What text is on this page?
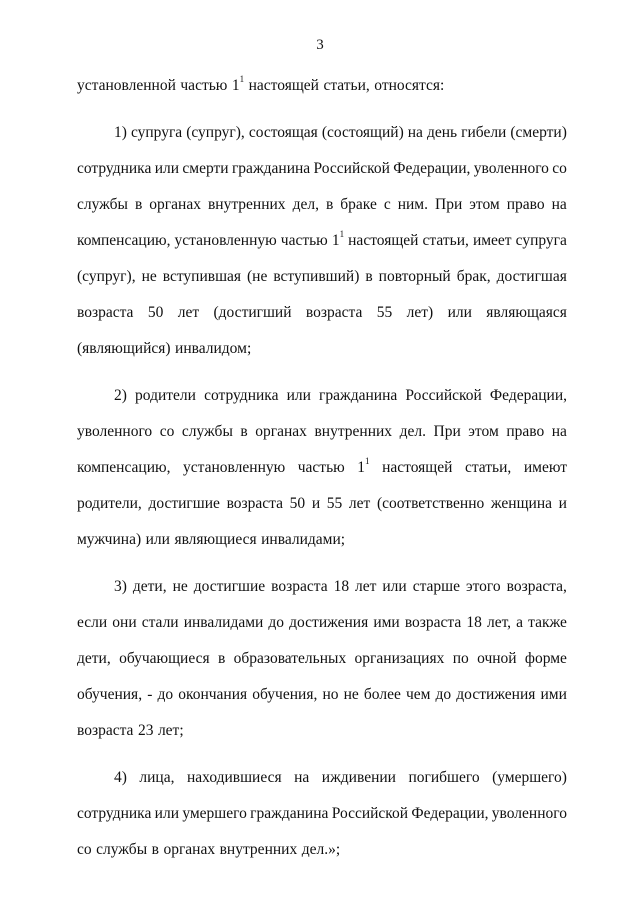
3
установленной частью $1^1$ настоящей статьи, относятся:
1) супруга (супруг), состоящая (состоящий) на день гибели (смерти)
сотрудника или смерти гражданина Российской Федерации, уволенного со
службы в органах внутренних дел, в браке с ним. При этом право на
компенсацию, установленную частью $1^1$ настоящей статьи, имеет супруга
(супруг), не вступившая (не вступивший) в повторный брак, достигшая
возраста 50 лет (достигший возраста 55 лет) или являющаяся
(являющийся) инвалидом;
2) родители сотрудника или гражданина Российской Федерации,
уволенного со службы в органах внутренних дел. При этом право на
компенсацию, установленную частью $1^1$ настоящей статьи, имеют
родители, достигшие возраста 50 и 55 лет (соответственно женщина и
мужчина) или являющиеся инвалидами;
3) дети, не достигшие возраста 18 лет или старше этого возраста,
если они стали инвалидами до достижения ими возраста 18 лет, а также
дети, обучающиеся в образовательных организациях по очной форме
обучения, - до окончания обучения, но не более чем до достижения ими
возраста 23 лет;
4) лица, находившиеся на иждивении погибшего (умершего)
сотрудника или умершего гражданина Российской Федерации, уволенного
со службы в органах внутренних дел.»;
